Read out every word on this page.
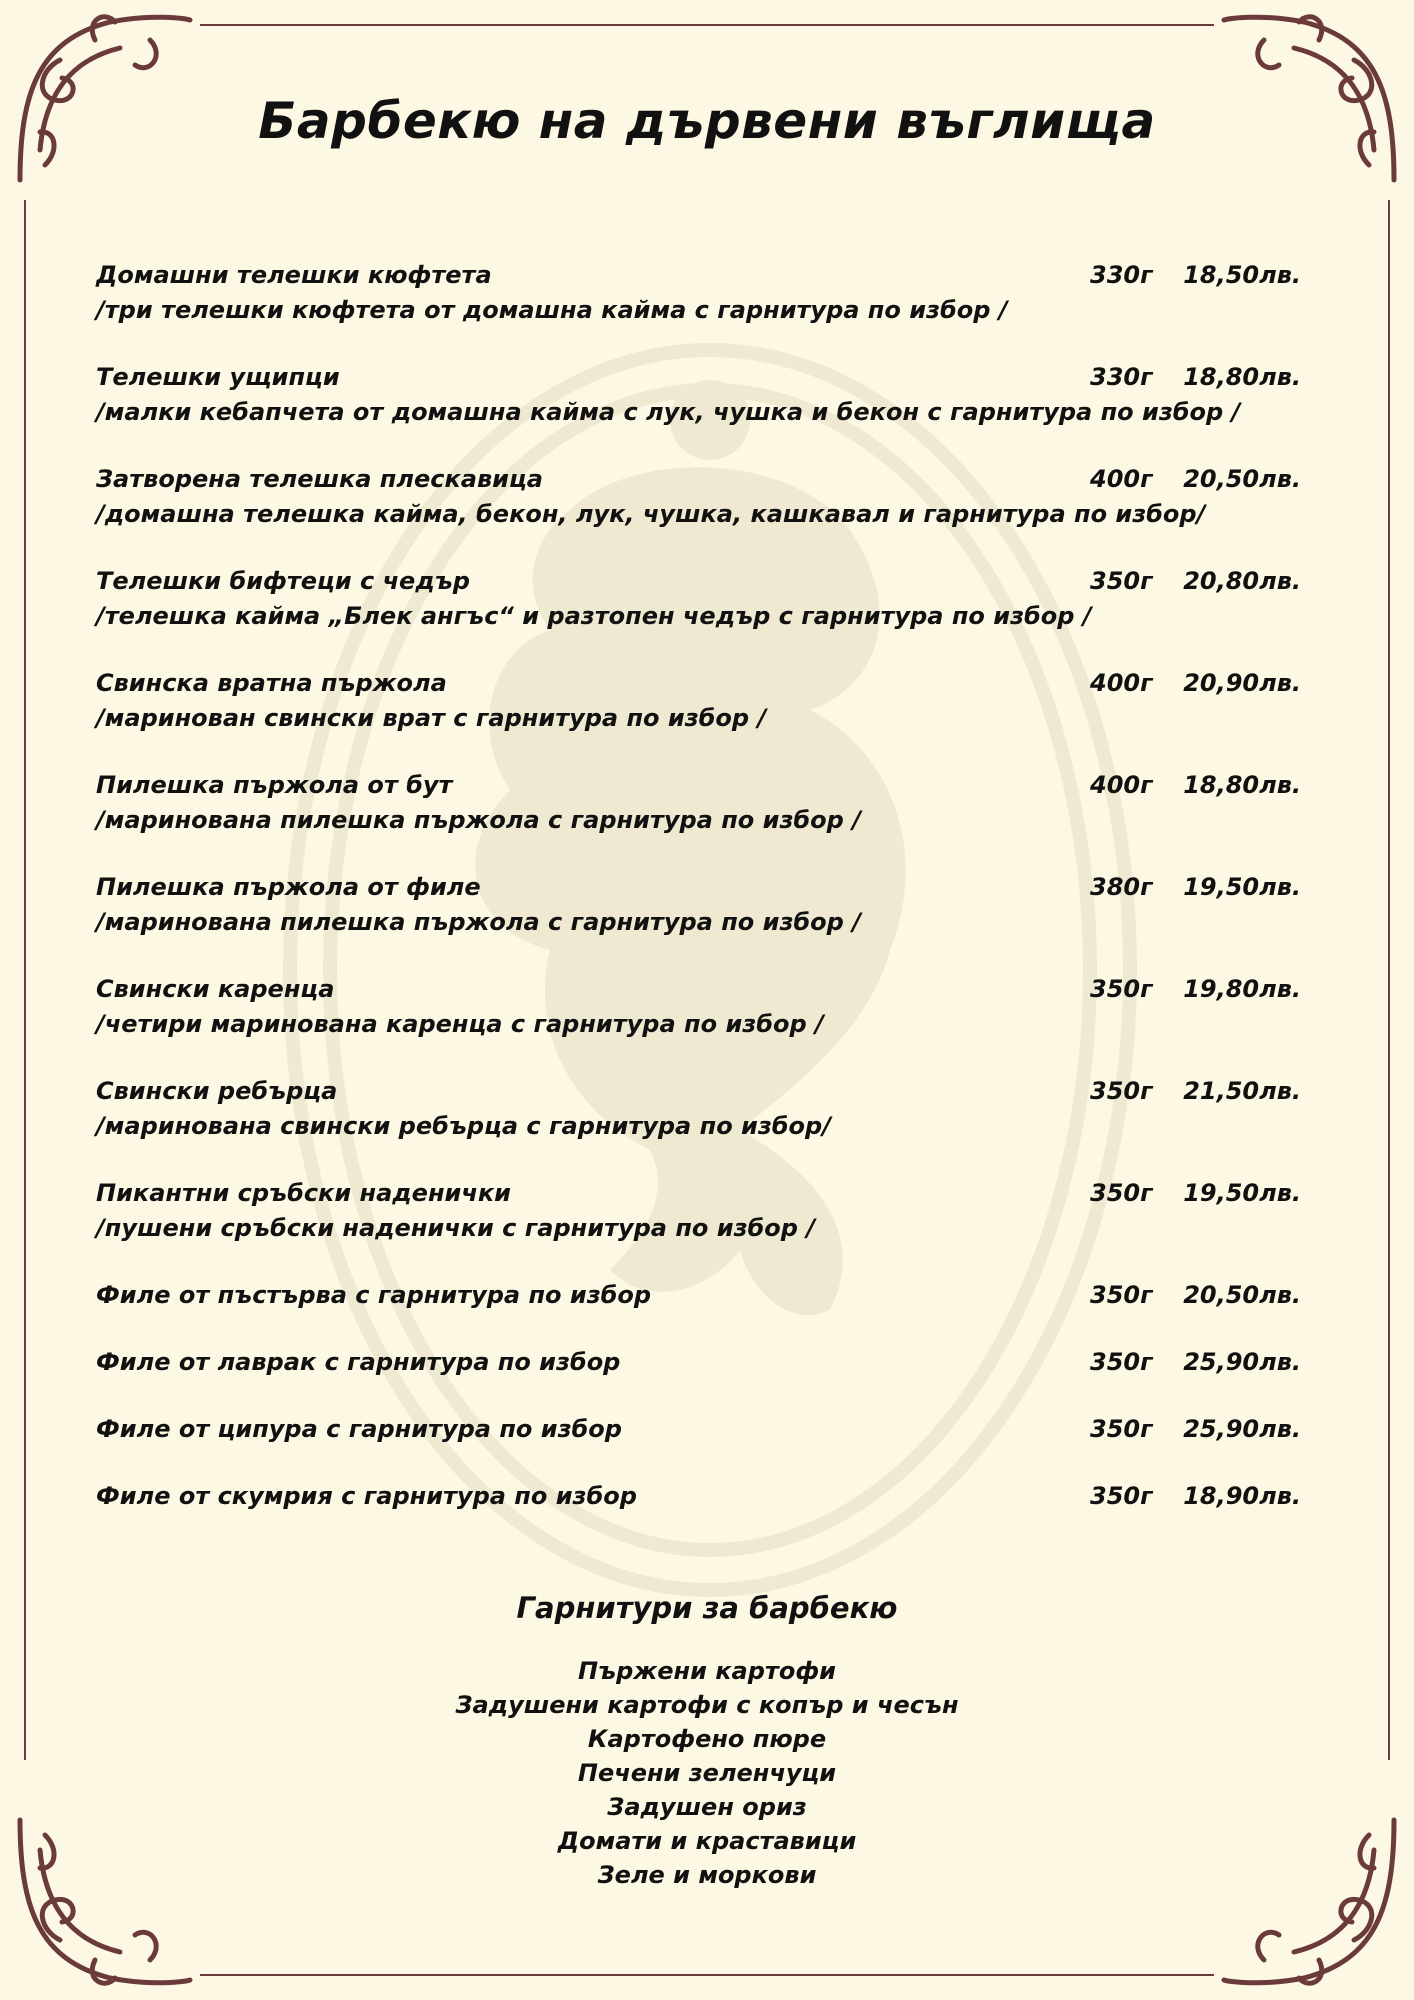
Барбекю на дървени въглища
Домашни телешки кюфтета	330г 18,50лв.
/три телешки кюфтета от домашна кайма с гарнитура по избор /
Телешки ущипци	330г 18,80лв.
/малки кебапчета от домашна кайма с лук, чушка и бекон с гарнитура по избор /
Затворена телешка плескавица	400г 20,50лв.
/домашна телешка кайма, бекон, лук, чушка, кашкавал и гарнитура по избор/
Телешки бифтеци с чедър	350г 20,80лв.
/телешка кайма „Блек ангъс“ и разтопен чедър с гарнитура по избор /
Свинска вратна пържола	400г 20,90лв.
/маринован свински врат с гарнитура по избор /
Пилешка пържола от бут	400г 18,80лв.
/маринована пилешка пържола с гарнитура по избор /
Пилешка пържола от филе	380г 19,50лв.
/маринована пилешка пържола с гарнитура по избор /
Свински каренца	350г 19,80лв.
/четири маринована каренца с гарнитура по избор /
Свински ребърца	350г 21,50лв.
/маринована свински ребърца с гарнитура по избор/
Пикантни сръбски наденички	350г 19,50лв.
/пушени сръбски наденички с гарнитура по избор /
Филе от пъстърва с гарнитура по избор	350г 20,50лв.
Филе от лаврак с гарнитура по избор	350г 25,90лв.
Филе от ципура с гарнитура по избор	350г 25,90лв.
Филе от скумрия с гарнитура по избор	350г 18,90лв.
Гарнитури за барбекю
Пържени картофи
Задушени картофи с копър и чесън
Картофено пюре
Печени зеленчуци
Задушен ориз
Домати и краставици
Зеле и моркови
